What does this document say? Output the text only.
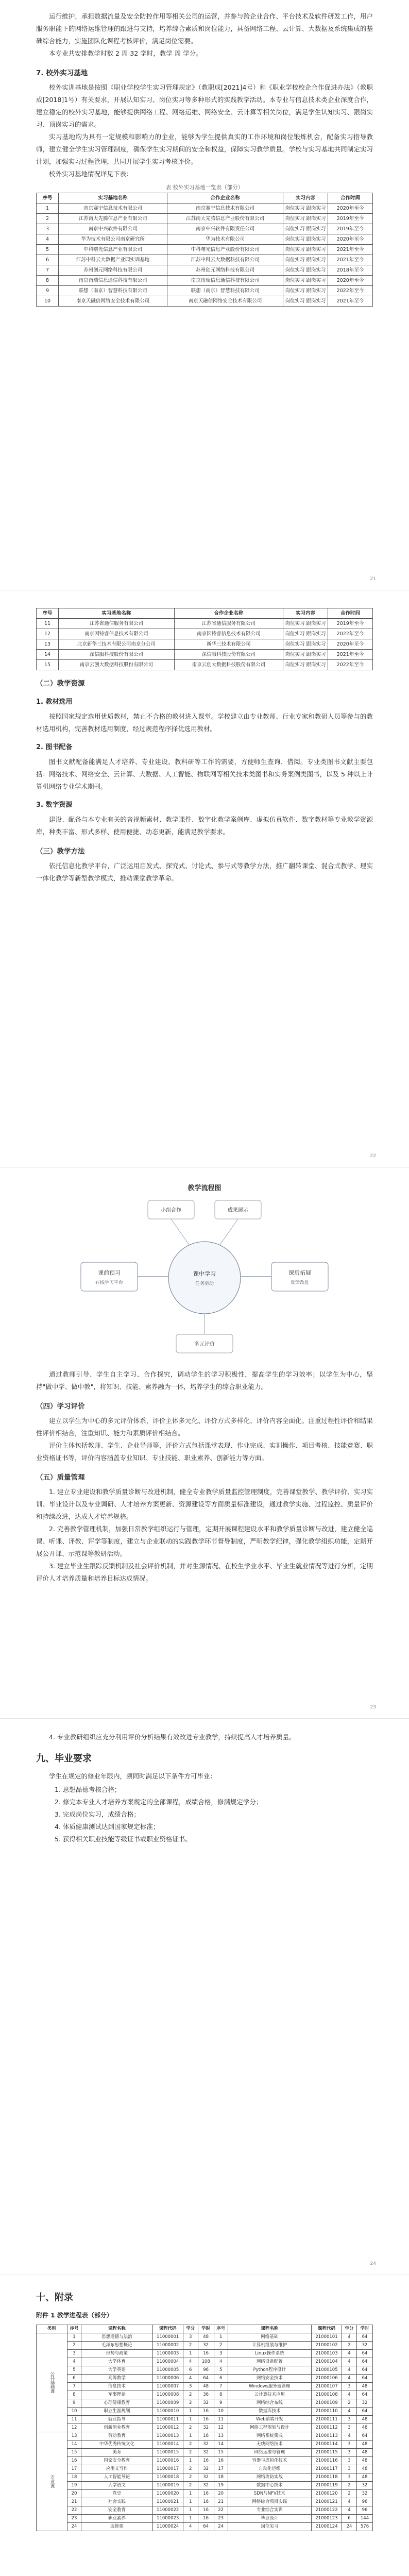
运行维护，承担数据流量及安全防控作用等相关公司的运营，并参与跨企业合作、平台技术及软件研发工作，用户服务职能下的网络运维管理的跟进与支持，培养综合素质和岗位能力，具备网络工程、云计算、大数据及系统集成的基础综合能力，实施团队化课程考核评价，满足岗位需要。

本专业共安排教学时数 2 周 32 学时，教学 周 学分。

7. 校外实习基地

校外实训基地是按照《职业学校学生实习管理规定》（教职成[2021]4号）和《职业学校校企合作促进办法》（教职成[2018]1号）有关要求，开展认知实习、岗位实习等多种形式的实践教学活动。本专业与信息技术类企业深度合作，建立稳定的校外实习基地，能够提供网络工程、网络运维、网络安全、云计算等相关岗位，满足学生认知实习、跟岗实习、顶岗实习的需求。

实习基地均为具有一定规模和影响力的企业，能够为学生提供真实的工作环境和岗位锻炼机会，配备实习指导教师，建立健全学生实习管理制度，确保学生实习期间的安全和权益，保障实习教学质量。学校与实习基地共同制定实习计划，加强实习过程管理，共同开展学生实习考核评价。

校外实习基地情况详见下表：

表 校外实习基地一览表（部分）
序号	实习基地名称	合作企业名称	实习内容	合作时间
1	南京赛宁信息技术有限公司	南京赛宁信息技术有限公司	岗位实习 跟岗实习	2020年至今
2	江苏南大先腾信息产业有限公司	江苏南大先腾信息产业股份有限公司	岗位实习 跟岗实习	2019年至今
3	南京中兴软件有限公司	南京中兴软件有限责任公司	岗位实习 跟岗实习	2019年至今
4	华为技术有限公司南京研究所	华为技术有限公司	岗位实习 跟岗实习	2020年至今
5	中科曙光信息产业有限公司	中科曙光信息产业股份有限公司	岗位实习 跟岗实习	2021年至今
6	江苏中科云大数据产业园实训基地	江苏中科云大数据科技有限公司	岗位实习 跟岗实习	2021年至今
7	苏州创元网络科技有限公司	苏州创元网络科技有限公司	岗位实习 跟岗实习	2018年至今
8	南京南瑞信息通信科技有限公司	南京南瑞信息通信科技有限公司	岗位实习 跟岗实习	2020年至今
9	联想（南京）智慧科技有限公司	联想（南京）智慧科技有限公司	岗位实习 跟岗实习	2022年至今
10	南京天融信网络安全技术有限公司	南京天融信网络安全技术有限公司	岗位实习 跟岗实习	2021年至今
21
序号	实习基地名称	合作企业名称	实习内容	合作时间
11	江苏省通信服务有限公司	江苏省通信服务有限公司	岗位实习 跟岗实习	2019年至今
12	南京因特睿信息技术有限公司	南京因特睿信息技术有限公司	岗位实习 跟岗实习	2022年至今
13	北京新华三技术有限公司南京分公司	新华三技术有限公司	岗位实习 跟岗实习	2020年至今
14	深信服科技股份有限公司	深信服科技股份有限公司	岗位实习 跟岗实习	2021年至今
15	南京云创大数据科技股份有限公司	南京云创大数据科技股份有限公司	岗位实习 跟岗实习	2022年至今
（二）教学资源
1. 教材选用

按照国家规定选用优质教材，禁止不合格的教材进入课堂。学校建立由专业教师、行业专家和教研人员等参与的教材选用机构，完善教材选用制度，经过规范程序择优选用教材。

2. 图书配备

图书文献配备能满足人才培养、专业建设、教科研等工作的需要，方便师生查询、借阅。专业类图书文献主要包括：网络技术、网络安全、云计算、大数据、人工智能、物联网等相关技术类图书和实务案例类图书，以及 5 种以上计算机网络专业学术期刊。

3. 数字资源

建设、配备与本专业有关的音视频素材、教学课件、数字化教学案例库、虚拟仿真软件、数字教材等专业教学资源库，种类丰富、形式多样、使用便捷、动态更新，能满足教学要求。

（三）教学方法

依托信息化教学平台，广泛运用启发式、探究式、讨论式、参与式等教学方法，推广翻转课堂、混合式教学、理实一体化教学等新型教学模式，推动课堂教学革命。

22
教学流程图
课中学习
任务驱动
课前预习
在线学习平台
课后拓展
反馈改进
小组合作	成果展示
多元评价

通过教师引导、学生自主学习、合作探究，调动学生的学习积极性，提高学生的学习效率；以学生为中心，坚持"做中学、做中教"，将知识、技能、素养融为一体，培养学生的综合职业能力。

（四）学习评价

建立以学生为中心的多元评价体系，评价主体多元化、评价方式多样化、评价内容全面化。注重过程性评价和结果性评价相结合，注重知识、能力和素质评价相结合。

评价主体包括教师、学生、企业导师等，评价方式包括课堂表现、作业完成、实训操作、项目考核、技能竞赛、职业资格证书等，评价内容涵盖专业知识、专业技能、职业素养、创新能力等方面。

（五）质量管理

1. 建立专业建设和教学质量诊断与改进机制，健全专业教学质量监控管理制度，完善课堂教学、教学评价、实习实训、毕业设计以及专业调研、人才培养方案更新、资源建设等方面质量标准建设，通过教学实施、过程监控、质量评价和持续改进，达成人才培养规格。

2. 完善教学管理机制，加强日常教学组织运行与管理，定期开展课程建设水平和教学质量诊断与改进，建立健全巡课、听课、评教、评学等制度，建立与企业联动的实践教学环节督导制度，严明教学纪律，强化教学组织功能，定期开展公开课、示范课等教研活动。

3. 建立毕业生跟踪反馈机制及社会评价机制，并对生源情况、在校生学业水平、毕业生就业情况等进行分析，定期评价人才培养质量和培养目标达成情况。

23

4. 专业教研组织应充分利用评价分析结果有效改进专业教学，持续提高人才培养质量。

九、毕业要求

学生在规定的修业年限内，须同时满足以下条件方可毕业：

1. 思想品德考核合格；
2. 修完本专业人才培养方案规定的全部课程，成绩合格，修满规定学分；
3. 完成岗位实习，成绩合格；
4. 体质健康测试达到国家规定标准；
5. 获得相关职业技能等级证书或职业资格证书。
24
十、附录
附件 1 教学进程表（部分）
类别	序号	课程名称	课程代码	学分	学时	序号	课程名称	课程代码	学分	学时
公共基础课	1	思想道德与法治	11000001	3	48	1	网络基础	21000101	4	64
	2	毛泽东思想概论	11000002	2	32	2	计算机组装与维护	21000102	2	32
	3	形势与政策	11000003	1	16	3	Linux操作系统	21000103	4	64
	4	大学体育	11000004	4	108	4	网络设备配置	21000104	4	64
	5	大学英语	11000005	6	96	5	Python程序设计	21000105	4	64
	6	高等数学	11000006	4	64	6	网络安全技术	21000106	4	64
	7	信息技术	11000007	3	48	7	Windows服务器管理	21000107	3	48
	8	军事理论	11000008	2	36	8	云计算技术应用	21000108	4	64
	9	心理健康教育	11000009	2	32	9	网络综合布线	21000109	2	32
	10	职业生涯规划	11000010	1	16	10	数据库技术	21000110	4	64
	11	就业指导	11000011	1	16	11	Web前端开发	21000111	3	48
	12	创新创业教育	11000012	2	32	12	网络工程规划与设计	21000112	3	48
专业课	13	劳动教育	11000013	1	16	13	网络系统集成	21000113	4	64
	14	中华优秀传统文化	11000014	2	32	14	无线网络技术	21000114	3	48
	15	美育	11000015	2	32	15	网络运维与管理	21000115	3	48
	16	国家安全教育	11000016	1	16	16	容器与虚拟化技术	21000116	3	48
	17	应用文写作	11000017	2	32	17	自动化运维	21000117	3	48
	18	人工智能导论	11000018	2	32	18	网络攻防实战	21000118	3	48
	19	大学语文	11000019	2	32	19	数据中心技术	21000119	2	32
	20	党史	11000020	1	16	20	SDN与NFV技术	21000120	2	32
	21	社会实践	11000021	1	16	21	网络综合项目实践	21000121	4	96
	22	安全教育	11000022	1	16	22	专业综合实训	21000122	4	96
	23	职业素养	11000023	1	16	23	毕业设计	21000123	6	144
	24	选修课	11000024	4	64	24	岗位实习	21000124	24	576
